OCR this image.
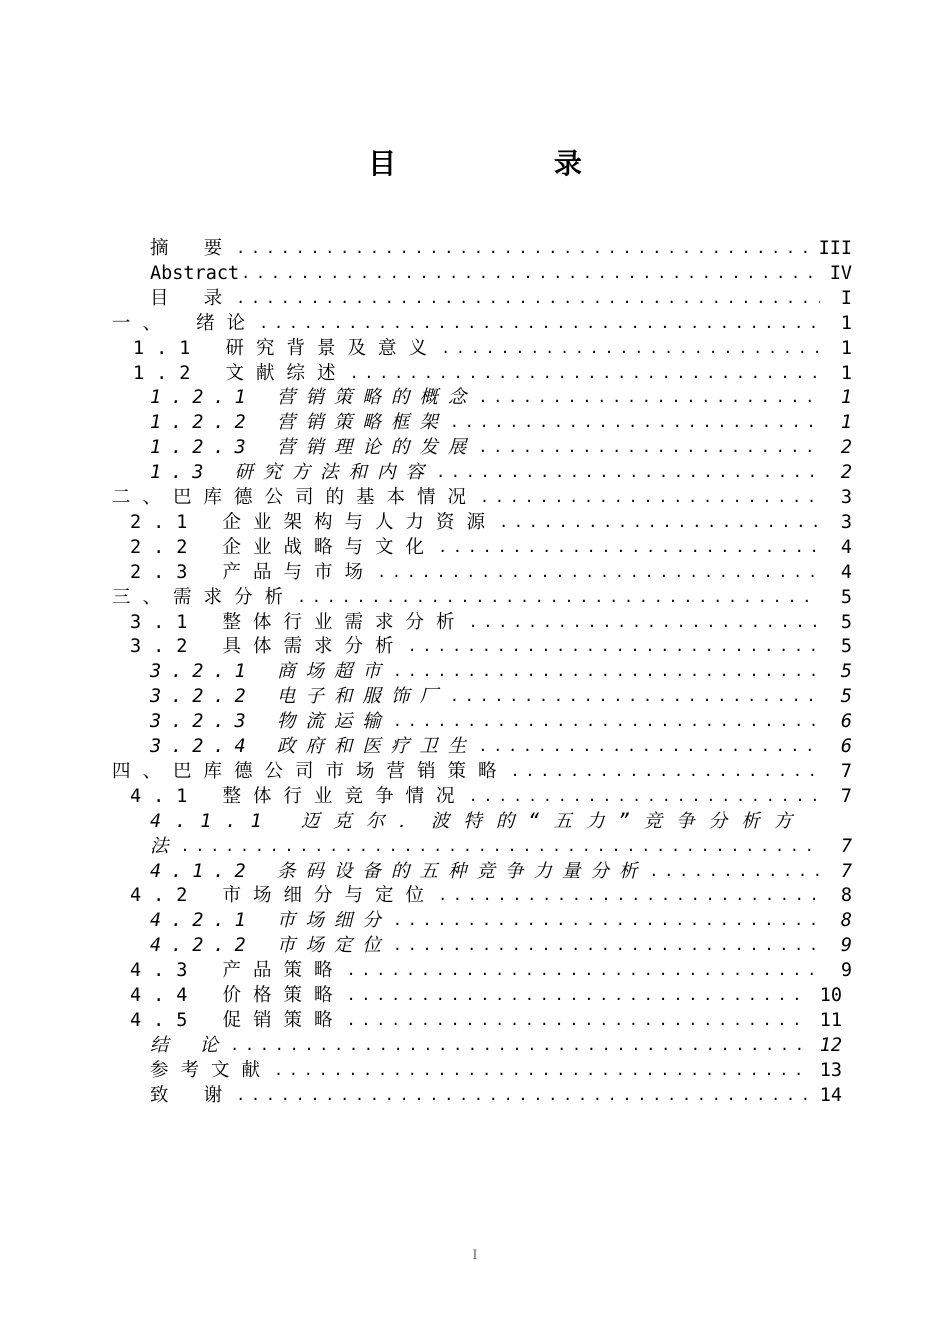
目 录
摘 要 . . .	III
Abstract . . .	IV
目 录 . . .	I
一、 绪论 . . .	1
1.1 研究背景及意义 . . .	1
1.2 文献综述 . . .	1
1.2.1 营销策略的概念 . . .	1
1.2.2 营销策略框架 . . .	1
1.2.3 营销理论的发展 . . .	2
1.3 研究方法和内容 . . .	2
二、巴库德公司的基本情况 . . .	3
2.1 企业架构与人力资源 . . .	3
2.2 企业战略与文化 . . .	4
2.3 产品与市场 . . .	4
三、需求分析 . . .	5
3.1 整体行业需求分析 . . .	5
3.2 具体需求分析 . . .	5
3.2.1 商场超市 . . .	5
3.2.2 电子和服饰厂 . . .	5
3.2.3 物流运输 . . .	6
3.2.4 政府和医疗卫生 . . .	6
四、巴库德公司市场营销策略 . . .	7
4.1 整体行业竞争情况 . . .	7
4.1.1 迈克尔．波特的“五力”竞争分析方
法 . . .	7
4.1.2 条码设备的五种竞争力量分析 . . .	7
4.2 市场细分与定位 . . .	8
4.2.1 市场细分 . . .	8
4.2.2 市场定位 . . .	9
4.3 产品策略 . . .	9
4.4 价格策略 . . .	10
4.5 促销策略 . . .	11
结 论 . . .	12
参考文献 . . .	13
致 谢 . . .	14
I
